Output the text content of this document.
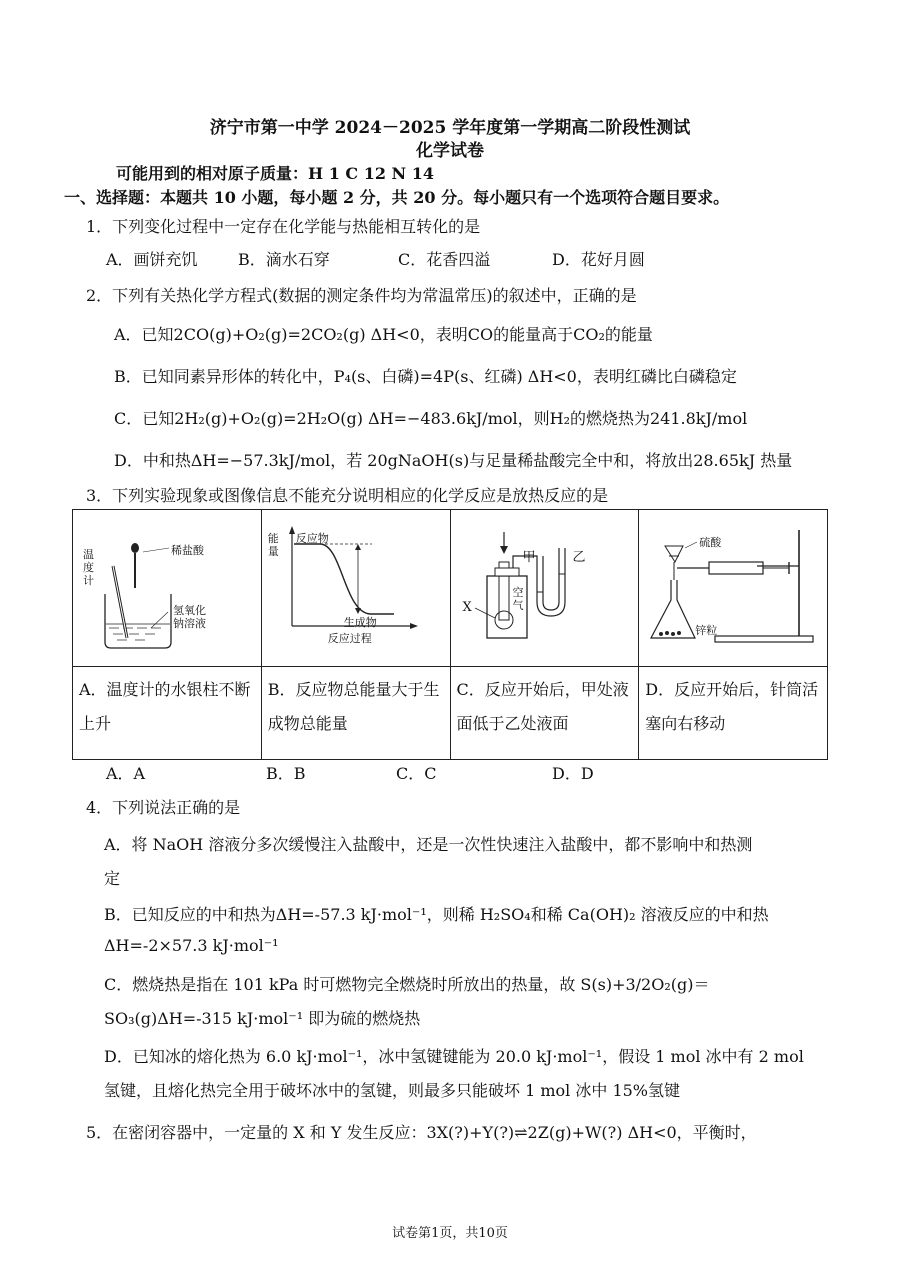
济宁市第一中学 2024－2025 学年度第一学期高二阶段性测试
化学试卷
可能用到的相对原子质量：H 1 C 12 N 14
一、选择题：本题共 10 小题，每小题 2 分，共 20 分。每小题只有一个选项符合题目要求。
1．下列变化过程中一定存在化学能与热能相互转化的是
A．画饼充饥	B．滴水石穿	C．花香四溢	D．花好月圆
2．下列有关热化学方程式(数据的测定条件均为常温常压)的叙述中，正确的是
A．已知2CO(g)+O₂(g)=2CO₂(g) ΔH<0，表明CO的能量高于CO₂的能量
B．已知同素异形体的转化中，P₄(s、白磷)=4P(s、红磷) ΔH<0，表明红磷比白磷稳定
C．已知2H₂(g)+O₂(g)=2H₂O(g) ΔH=−483.6kJ/mol，则H₂的燃烧热为241.8kJ/mol
D．中和热ΔH=−57.3kJ/mol，若 20gNaOH(s)与足量稀盐酸完全中和，将放出28.65kJ 热量
3．下列实验现象或图像信息不能充分说明相应的化学反应是放热反应的是
温度计
稀盐酸
氢氧化钠溶液	能量
反应物
生成物
反应过程	X
甲 乙
空气	硫酸
锌粒

A．温度计的水银柱不断上升	B．反应物总能量大于生成物总能量	C．反应开始后，甲处液面低于乙处液面	D．反应开始后，针筒活塞向右移动
A．A	B．B	C．C	D．D
4．下列说法正确的是
A．将 NaOH 溶液分多次缓慢注入盐酸中，还是一次性快速注入盐酸中，都不影响中和热测
定
B．已知反应的中和热为ΔH=-57.3 kJ·mol⁻¹，则稀 H₂SO₄和稀 Ca(OH)₂ 溶液反应的中和热
ΔH=-2×57.3 kJ·mol⁻¹
C．燃烧热是指在 101 kPa 时可燃物完全燃烧时所放出的热量，故 S(s)+3/2O₂(g)＝
SO₃(g)ΔH=-315 kJ·mol⁻¹ 即为硫的燃烧热
D．已知冰的熔化热为 6.0 kJ·mol⁻¹，冰中氢键键能为 20.0 kJ·mol⁻¹，假设 1 mol 冰中有 2 mol
氢键，且熔化热完全用于破坏冰中的氢键，则最多只能破坏 1 mol 冰中 15%氢键
5．在密闭容器中，一定量的 X 和 Y 发生反应：3X(?)+Y(?)⇌2Z(g)+W(?) ΔH<0，平衡时，
试卷第1页，共10页
